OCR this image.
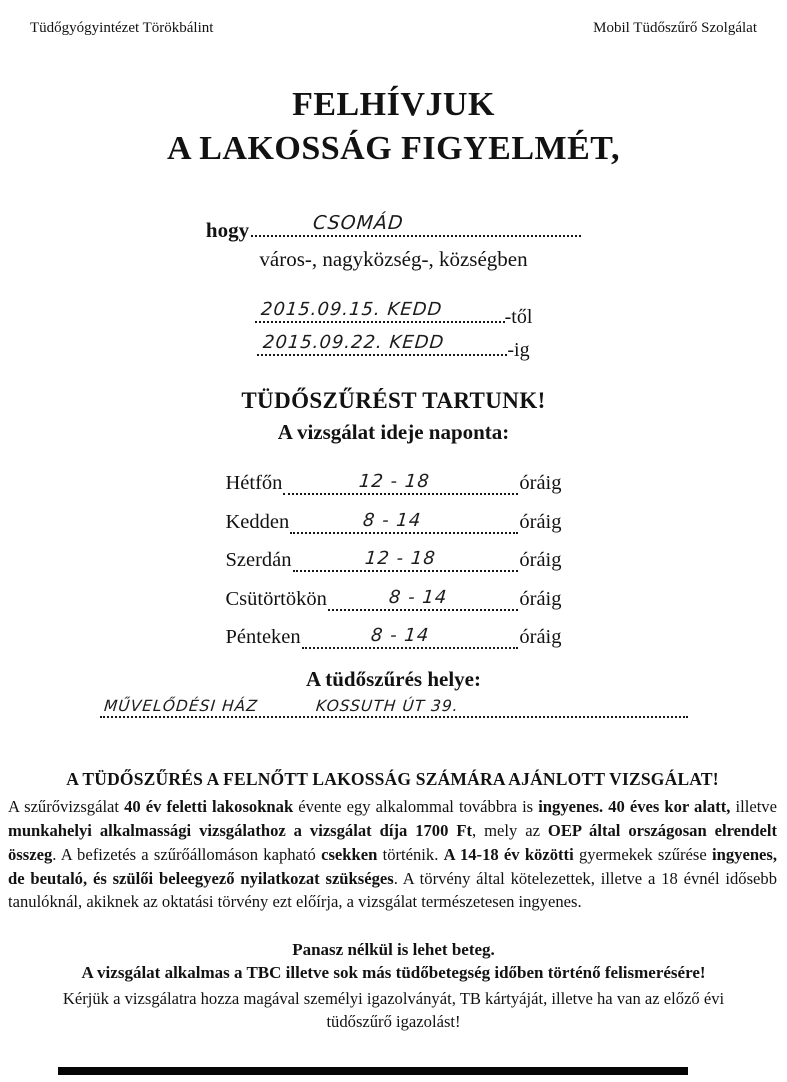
Tüdőgyógyintézet Törökbálint	Mobil Tüdőszűrő Szolgálat
FELHÍVJUK
A LAKOSSÁG FIGYELMÉT,
hogy	CSOMÁD
város-, nagyközség-, községben
2015.09.15. KEDD	-től
2015.09.22. KEDD	-ig
TÜDŐSZŰRÉST TARTUNK!
A vizsgálat ideje naponta:
Hétfőn	12 - 18	óráig
Kedden	8 - 14	óráig
Szerdán	12 - 18	óráig
Csütörtökön	8 - 14	óráig
Pénteken	8 - 14	óráig
A tüdőszűrés helye:
MŰVELŐDÉSI HÁZ	KOSSUTH ÚT 39.
A TÜDŐSZŰRÉS A FELNŐTT LAKOSSÁG SZÁMÁRA AJÁNLOTT VIZSGÁLAT!
A szűrővizsgálat 40 év feletti lakosoknak évente egy alkalommal továbbra is ingyenes. 40 éves kor alatt, illetve munkahelyi alkalmassági vizsgálathoz a vizsgálat díja 1700 Ft, mely az OEP által országosan elrendelt összeg. A befizetés a szűrőállomáson kapható csekken történik. A 14-18 év közötti gyermekek szűrése ingyenes, de beutaló, és szülői beleegyező nyilatkozat szükséges. A törvény által kötelezettek, illetve a 18 évnél idősebb tanulóknál, akiknek az oktatási törvény ezt előírja, a vizsgálat természetesen ingyenes.
Panasz nélkül is lehet beteg.
A vizsgálat alkalmas a TBC illetve sok más tüdőbetegség időben történő felismerésére!
Kérjük a vizsgálatra hozza magával személyi igazolványát, TB kártyáját, illetve ha van az előző évi tüdőszűrő igazolást!
